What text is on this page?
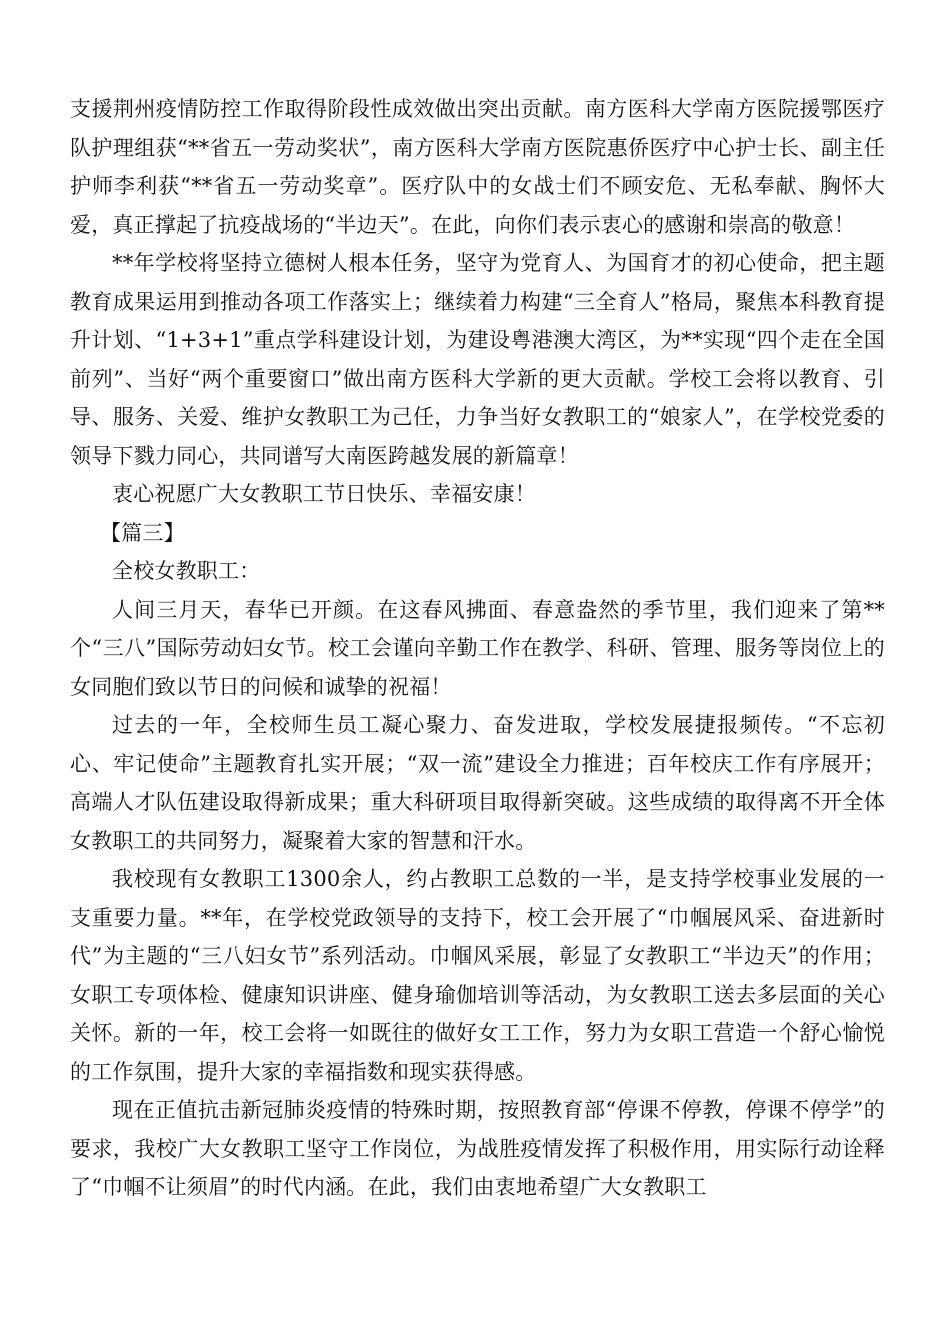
支援荆州疫情防控工作取得阶段性成效做出突出贡献。南方医科大学南方医院援鄂医疗队护理组获“**省五一劳动奖状”，南方医科大学南方医院惠侨医疗中心护士长、副主任护师李利获“**省五一劳动奖章”。医疗队中的女战士们不顾安危、无私奉献、胸怀大爱，真正撑起了抗疫战场的“半边天”。在此，向你们表示衷心的感谢和崇高的敬意！

**年学校将坚持立德树人根本任务，坚守为党育人、为国育才的初心使命，把主题教育成果运用到推动各项工作落实上；继续着力构建“三全育人”格局，聚焦本科教育提升计划、“1+3+1”重点学科建设计划，为建设粤港澳大湾区，为**实现“四个走在全国前列”、当好“两个重要窗口”做出南方医科大学新的更大贡献。学校工会将以教育、引导、服务、关爱、维护女教职工为己任，力争当好女教职工的“娘家人”，在学校党委的领导下戮力同心，共同谱写大南医跨越发展的新篇章！

衷心祝愿广大女教职工节日快乐、幸福安康！

【篇三】

全校女教职工：

人间三月天，春华已开颜。在这春风拂面、春意盎然的季节里，我们迎来了第**个“三八”国际劳动妇女节。校工会谨向辛勤工作在教学、科研、管理、服务等岗位上的女同胞们致以节日的问候和诚挚的祝福！

过去的一年，全校师生员工凝心聚力、奋发进取，学校发展捷报频传。“不忘初心、牢记使命”主题教育扎实开展；“双一流”建设全力推进；百年校庆工作有序展开；高端人才队伍建设取得新成果；重大科研项目取得新突破。这些成绩的取得离不开全体女教职工的共同努力，凝聚着大家的智慧和汗水。

我校现有女教职工1300余人，约占教职工总数的一半，是支持学校事业发展的一支重要力量。**年，在学校党政领导的支持下，校工会开展了“巾帼展风采、奋进新时代”为主题的“三八妇女节”系列活动。巾帼风采展，彰显了女教职工“半边天”的作用；女职工专项体检、健康知识讲座、健身瑜伽培训等活动，为女教职工送去多层面的关心关怀。新的一年，校工会将一如既往的做好女工工作，努力为女职工营造一个舒心愉悦的工作氛围，提升大家的幸福指数和现实获得感。

现在正值抗击新冠肺炎疫情的特殊时期，按照教育部“停课不停教，停课不停学”的要求，我校广大女教职工坚守工作岗位，为战胜疫情发挥了积极作用，用实际行动诠释了“巾帼不让须眉”的时代内涵。在此，我们由衷地希望广大女教职工
